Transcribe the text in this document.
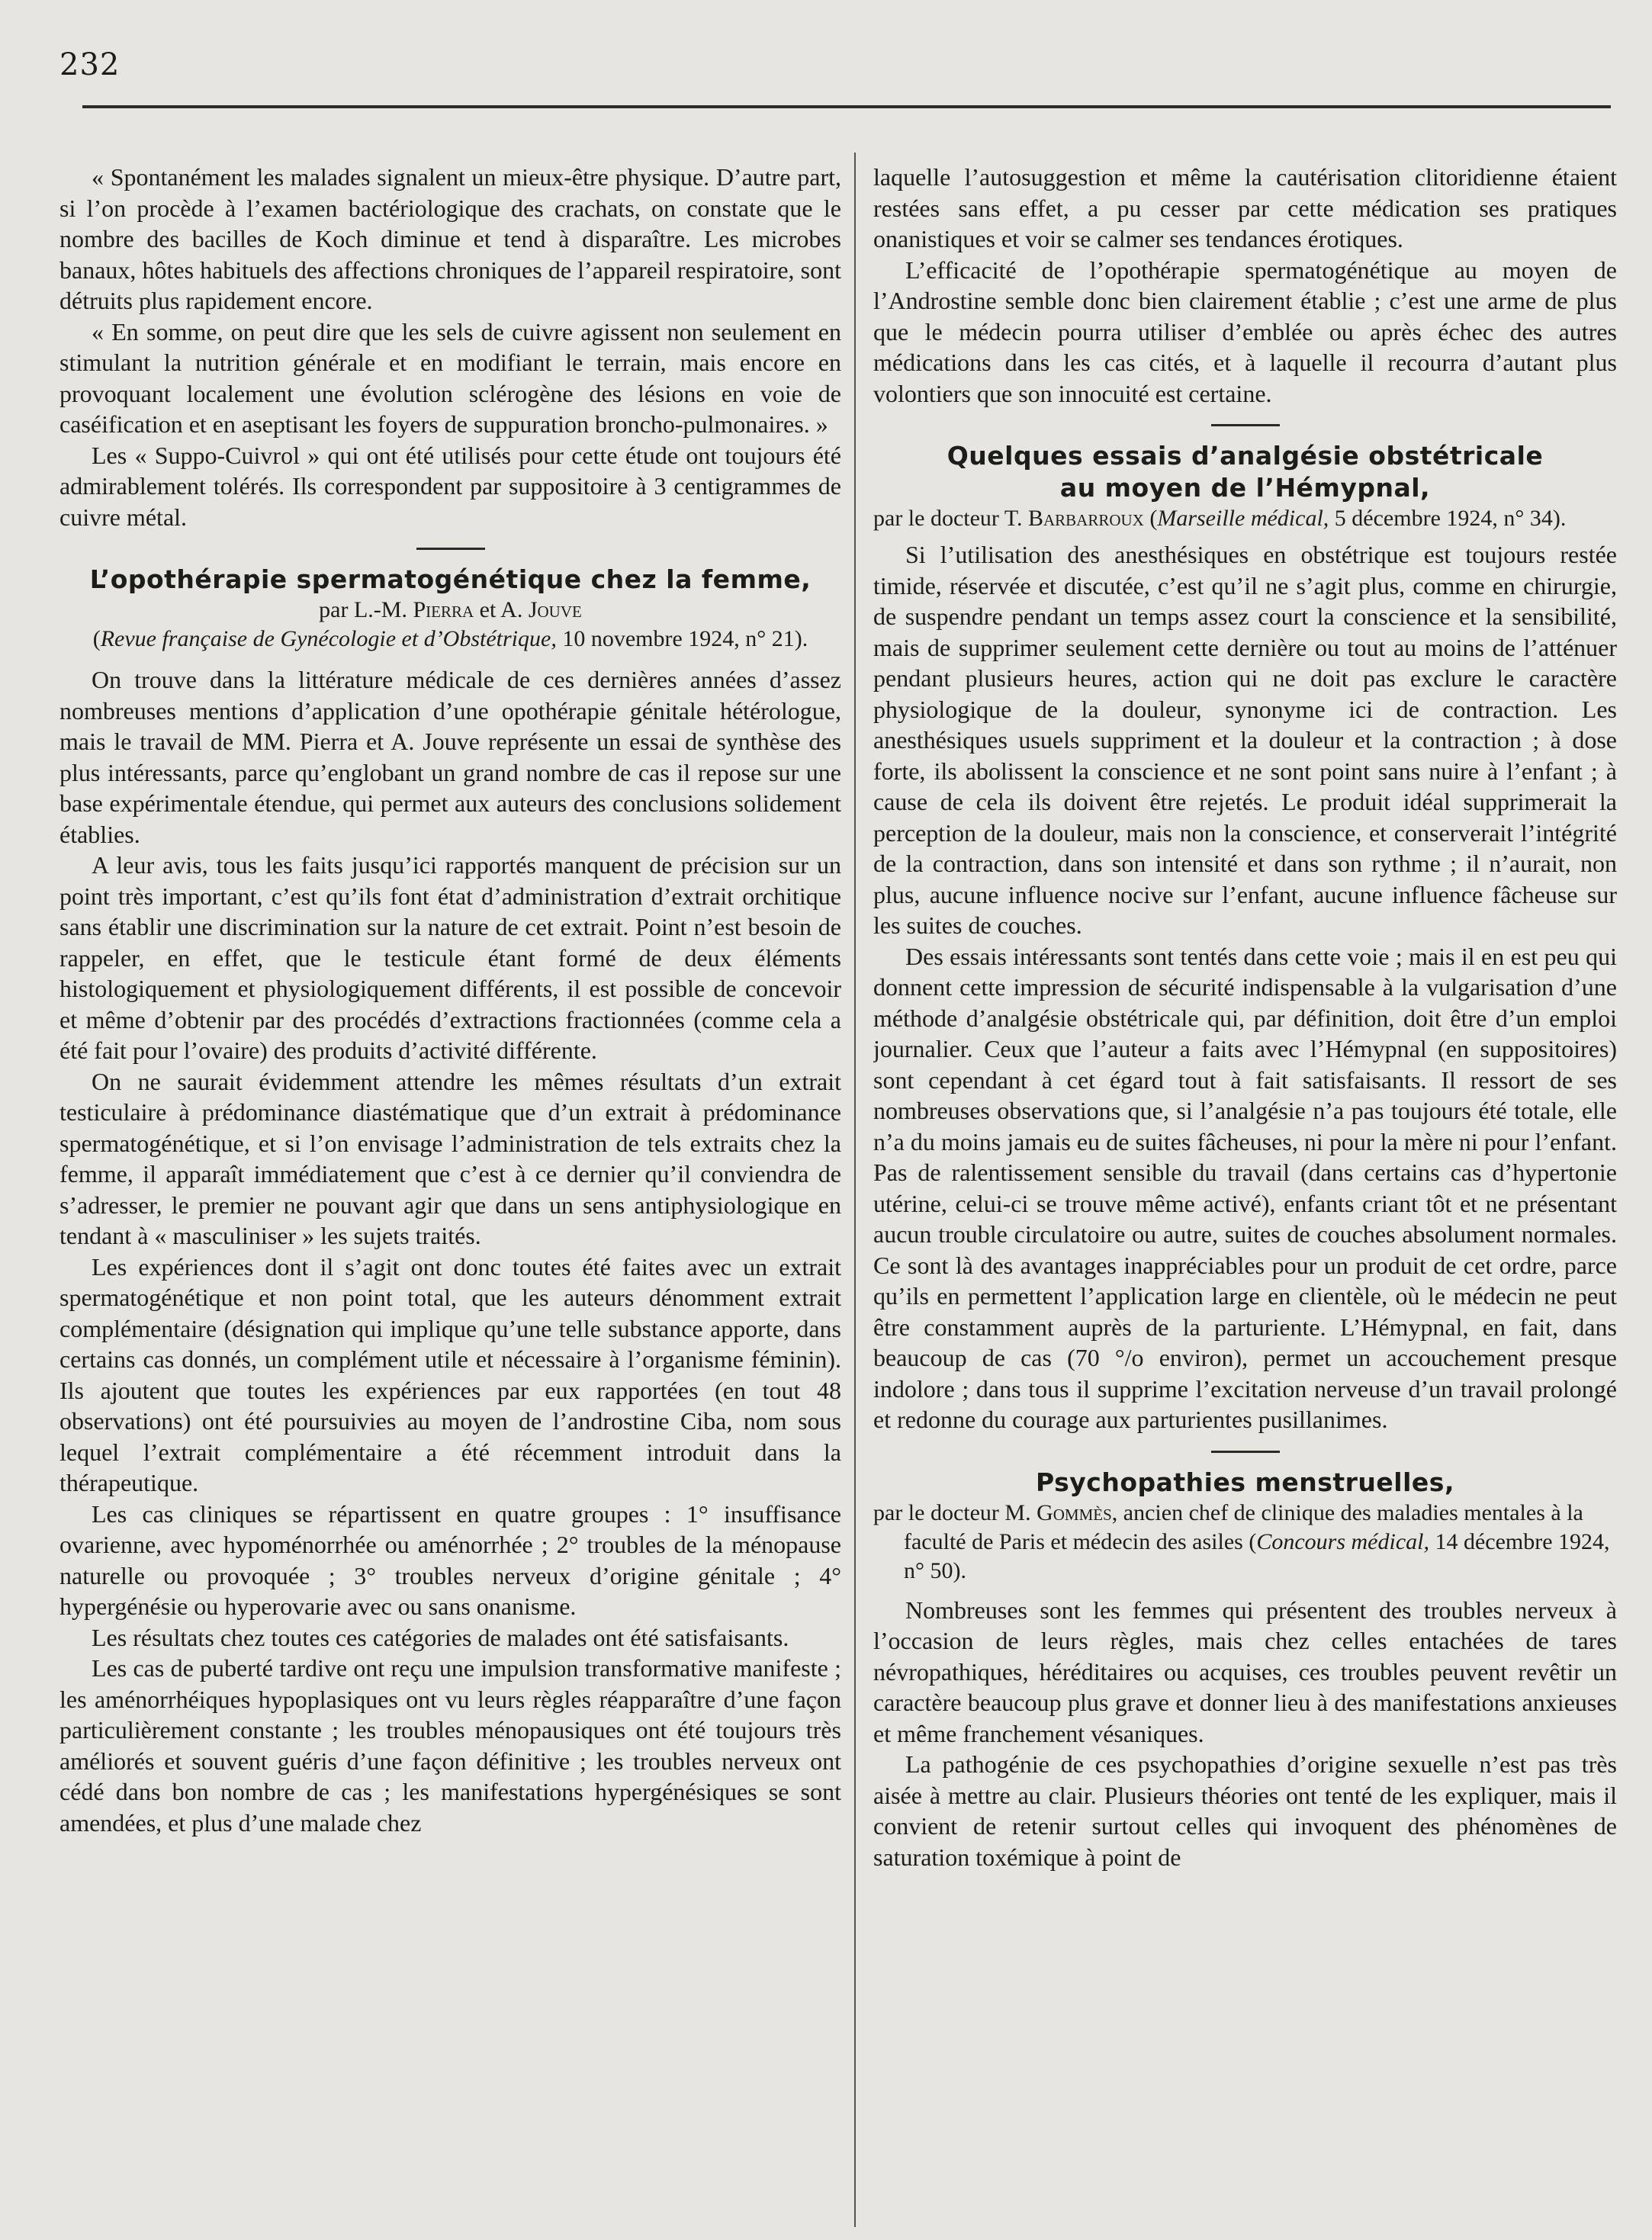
232

« Spontanément les malades signalent un mieux-être physique. D’autre part, si l’on procède à l’examen bactériologique des crachats, on constate que le nombre des bacilles de Koch diminue et tend à disparaître. Les microbes banaux, hôtes habituels des affections chroniques de l’appareil respiratoire, sont détruits plus rapidement encore.

« En somme, on peut dire que les sels de cuivre agissent non seulement en stimulant la nutrition générale et en modifiant le terrain, mais encore en provoquant localement une évolution sclérogène des lésions en voie de caséification et en aseptisant les foyers de suppuration broncho-pulmonaires. »

Les « Suppo-Cuivrol » qui ont été utilisés pour cette étude ont toujours été admirablement tolérés. Ils correspondent par suppositoire à 3 centigrammes de cuivre métal.

L’opothérapie spermatogénétique chez la femme,
par L.-M. Pierra et A. Jouve
(Revue française de Gynécologie et d’Obstétrique, 10 novembre 1924, n° 21).

On trouve dans la littérature médicale de ces dernières années d’assez nombreuses mentions d’application d’une opothérapie génitale hétérologue, mais le travail de MM. Pierra et A. Jouve représente un essai de synthèse des plus intéressants, parce qu’englobant un grand nombre de cas il repose sur une base expérimentale étendue, qui permet aux auteurs des conclusions solidement établies.

A leur avis, tous les faits jusqu’ici rapportés manquent de précision sur un point très important, c’est qu’ils font état d’administration d’extrait orchitique sans établir une discrimination sur la nature de cet extrait. Point n’est besoin de rappeler, en effet, que le testicule étant formé de deux éléments histologiquement et physiologiquement différents, il est possible de concevoir et même d’obtenir par des procédés d’extractions fractionnées (comme cela a été fait pour l’ovaire) des produits d’activité différente.

On ne saurait évidemment attendre les mêmes résultats d’un extrait testiculaire à prédominance diastématique que d’un extrait à prédominance spermatogénétique, et si l’on envisage l’administration de tels extraits chez la femme, il apparaît immédiatement que c’est à ce dernier qu’il conviendra de s’adresser, le premier ne pouvant agir que dans un sens antiphysiologique en tendant à « masculiniser » les sujets traités.

Les expériences dont il s’agit ont donc toutes été faites avec un extrait spermatogénétique et non point total, que les auteurs dénomment extrait complémentaire (désignation qui implique qu’une telle substance apporte, dans certains cas donnés, un complément utile et nécessaire à l’organisme féminin). Ils ajoutent que toutes les expériences par eux rapportées (en tout 48 observations) ont été poursuivies au moyen de l’androstine Ciba, nom sous lequel l’extrait complémentaire a été récemment introduit dans la thérapeutique.

Les cas cliniques se répartissent en quatre groupes : 1° insuffisance ovarienne, avec hypoménorrhée ou aménorrhée ; 2° troubles de la ménopause naturelle ou provoquée ; 3° troubles nerveux d’origine génitale ; 4° hypergénésie ou hyperovarie avec ou sans onanisme.

Les résultats chez toutes ces catégories de malades ont été satisfaisants.

Les cas de puberté tardive ont reçu une impulsion transformative manifeste ; les aménorrhéiques hypoplasiques ont vu leurs règles réapparaître d’une façon particulièrement constante ; les troubles ménopausiques ont été toujours très améliorés et souvent guéris d’une façon définitive ; les troubles nerveux ont cédé dans bon nombre de cas ; les manifestations hypergénésiques se sont amendées, et plus d’une malade chez

laquelle l’autosuggestion et même la cautérisation clitoridienne étaient restées sans effet, a pu cesser par cette médication ses pratiques onanistiques et voir se calmer ses tendances érotiques.

L’efficacité de l’opothérapie spermatogénétique au moyen de l’Androstine semble donc bien clairement établie ; c’est une arme de plus que le médecin pourra utiliser d’emblée ou après échec des autres médications dans les cas cités, et à laquelle il recourra d’autant plus volontiers que son innocuité est certaine.

Quelques essais d’analgésie obstétricale
au moyen de l’Hémypnal,
par le docteur T. Barbarroux (Marseille médical, 5 décembre 1924, n° 34).

Si l’utilisation des anesthésiques en obstétrique est toujours restée timide, réservée et discutée, c’est qu’il ne s’agit plus, comme en chirurgie, de suspendre pendant un temps assez court la conscience et la sensibilité, mais de supprimer seulement cette dernière ou tout au moins de l’atténuer pendant plusieurs heures, action qui ne doit pas exclure le caractère physiologique de la douleur, synonyme ici de contraction. Les anesthésiques usuels suppriment et la douleur et la contraction ; à dose forte, ils abolissent la conscience et ne sont point sans nuire à l’enfant ; à cause de cela ils doivent être rejetés. Le produit idéal supprimerait la perception de la douleur, mais non la conscience, et conserverait l’intégrité de la contraction, dans son intensité et dans son rythme ; il n’aurait, non plus, aucune influence nocive sur l’enfant, aucune influence fâcheuse sur les suites de couches.

Des essais intéressants sont tentés dans cette voie ; mais il en est peu qui donnent cette impression de sécurité indispensable à la vulgarisation d’une méthode d’analgésie obstétricale qui, par définition, doit être d’un emploi journalier. Ceux que l’auteur a faits avec l’Hémypnal (en suppositoires) sont cependant à cet égard tout à fait satisfaisants. Il ressort de ses nombreuses observations que, si l’analgésie n’a pas toujours été totale, elle n’a du moins jamais eu de suites fâcheuses, ni pour la mère ni pour l’enfant. Pas de ralentissement sensible du travail (dans certains cas d’hypertonie utérine, celui-ci se trouve même activé), enfants criant tôt et ne présentant aucun trouble circulatoire ou autre, suites de couches absolument normales. Ce sont là des avantages inappréciables pour un produit de cet ordre, parce qu’ils en permettent l’application large en clientèle, où le médecin ne peut être constamment auprès de la parturiente. L’Hémypnal, en fait, dans beaucoup de cas (70 °/o environ), permet un accouchement presque indolore ; dans tous il supprime l’excitation nerveuse d’un travail prolongé et redonne du courage aux parturientes pusillanimes.

Psychopathies menstruelles,
par le docteur M. Gommès, ancien chef de clinique des maladies mentales à la faculté de Paris et médecin des asiles (Concours médical, 14 décembre 1924, n° 50).

Nombreuses sont les femmes qui présentent des troubles nerveux à l’occasion de leurs règles, mais chez celles entachées de tares névropathiques, héréditaires ou acquises, ces troubles peuvent revêtir un caractère beaucoup plus grave et donner lieu à des manifestations anxieuses et même franchement vésaniques.

La pathogénie de ces psychopathies d’origine sexuelle n’est pas très aisée à mettre au clair. Plusieurs théories ont tenté de les expliquer, mais il convient de retenir surtout celles qui invoquent des phénomènes de saturation toxémique à point de
